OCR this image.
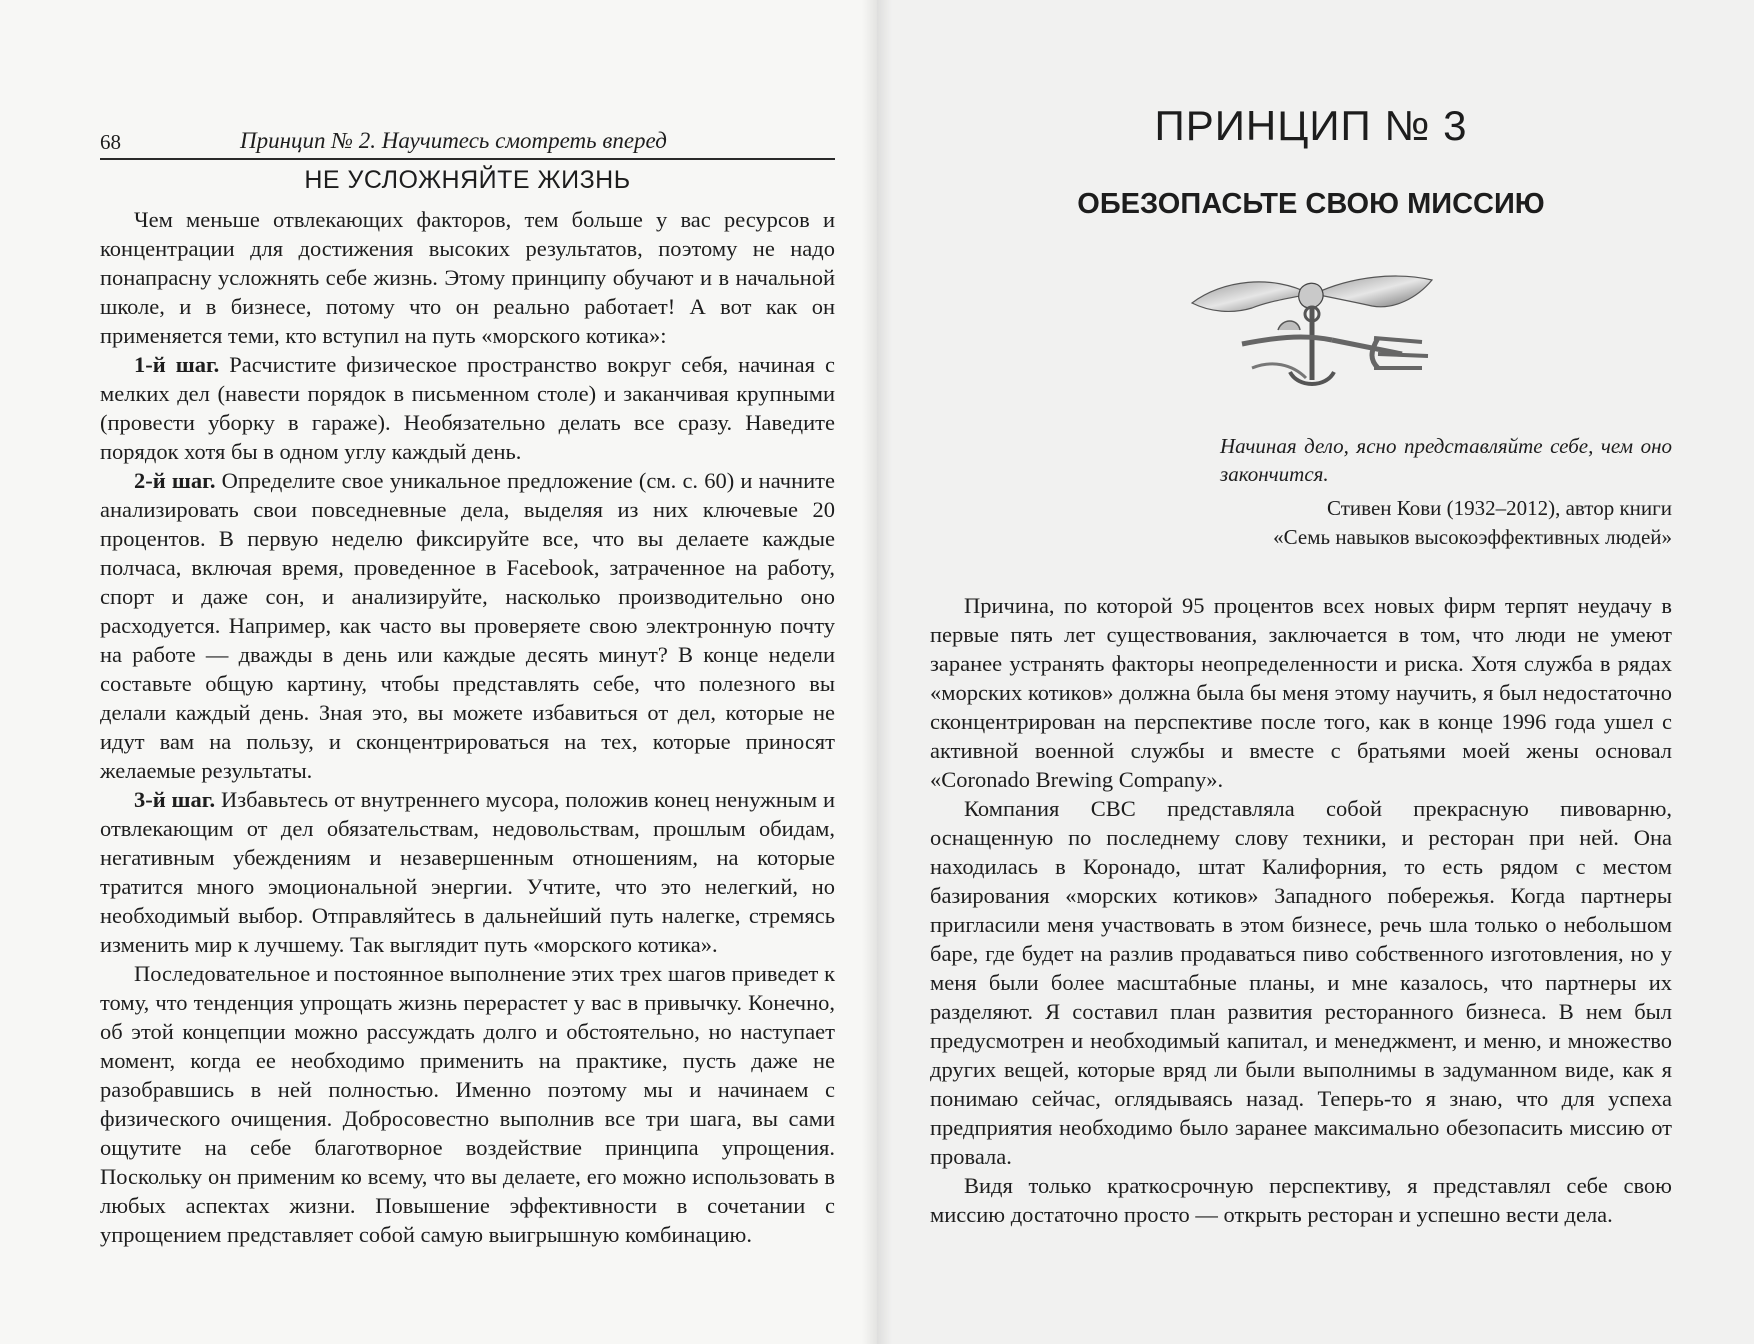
68	Принцип № 2. Научитесь смотреть вперед
НЕ УСЛОЖНЯЙТЕ ЖИЗНЬ

Чем меньше отвлекающих факторов, тем больше у вас ресурсов и концентрации для достижения высоких результатов, поэтому не надо понапрасну усложнять себе жизнь. Этому принципу обучают и в начальной школе, и в бизнесе, потому что он реально работает! А вот как он применяется теми, кто вступил на путь «морского котика»:

1-й шаг. Расчистите физическое пространство вокруг себя, начиная с мелких дел (навести порядок в письменном столе) и заканчивая крупными (провести уборку в гараже). Необязательно делать все сразу. Наведите порядок хотя бы в одном углу каждый день.

2-й шаг. Определите свое уникальное предложение (см. с. 60) и начните анализировать свои повседневные дела, выделяя из них ключевые 20 процентов. В первую неделю фиксируйте все, что вы делаете каждые полчаса, включая время, проведенное в Facebook, затраченное на работу, спорт и даже сон, и анализируйте, насколько производительно оно расходуется. Например, как часто вы проверяете свою электронную почту на работе — дважды в день или каждые десять минут? В конце недели составьте общую картину, чтобы представлять себе, что полезного вы делали каждый день. Зная это, вы можете избавиться от дел, которые не идут вам на пользу, и сконцентрироваться на тех, которые приносят желаемые результаты.

3-й шаг. Избавьтесь от внутреннего мусора, положив конец ненужным и отвлекающим от дел обязательствам, недовольствам, прошлым обидам, негативным убеждениям и незавершенным отношениям, на которые тратится много эмоциональной энергии. Учтите, что это нелегкий, но необходимый выбор. Отправляйтесь в дальнейший путь налегке, стремясь изменить мир к лучшему. Так выглядит путь «морского котика».

Последовательное и постоянное выполнение этих трех шагов приведет к тому, что тенденция упрощать жизнь перерастет у вас в привычку. Конечно, об этой концепции можно рассуждать долго и обстоятельно, но наступает момент, когда ее необходимо применить на практике, пусть даже не разобравшись в ней полностью. Именно поэтому мы и начинаем с физического очищения. Добросовестно выполнив все три шага, вы сами ощутите на себе благотворное воздействие принципа упрощения. Поскольку он применим ко всему, что вы делаете, его можно использовать в любых аспектах жизни. Повышение эффективности в сочетании с упрощением представляет собой самую выигрышную комбинацию.

ПРИНЦИП № 3
ОБЕЗОПАСЬТЕ СВОЮ МИССИЮ
Начиная дело, ясно представляйте себе, чем оно закончится.
Стивен Кови (1932–2012), автор книги
«Семь навыков высокоэффективных людей»

Причина, по которой 95 процентов всех новых фирм терпят неудачу в первые пять лет существования, заключается в том, что люди не умеют заранее устранять факторы неопределенности и риска. Хотя служба в рядах «морских котиков» должна была бы меня этому научить, я был недостаточно сконцентрирован на перспективе после того, как в конце 1996 года ушел с активной военной службы и вместе с братьями моей жены основал «Coronado Brewing Company».

Компания CBC представляла собой прекрасную пивоварню, оснащенную по последнему слову техники, и ресторан при ней. Она находилась в Коронадо, штат Калифорния, то есть рядом с местом базирования «морских котиков» Западного побережья. Когда партнеры пригласили меня участвовать в этом бизнесе, речь шла только о небольшом баре, где будет на разлив продаваться пиво собственного изготовления, но у меня были более масштабные планы, и мне казалось, что партнеры их разделяют. Я составил план развития ресторанного бизнеса. В нем был предусмотрен и необходимый капитал, и менеджмент, и меню, и множество других вещей, которые вряд ли были выполнимы в задуманном виде, как я понимаю сейчас, оглядываясь назад. Теперь-то я знаю, что для успеха предприятия необходимо было заранее максимально обезопасить миссию от провала.

Видя только краткосрочную перспективу, я представлял себе свою миссию достаточно просто — открыть ресторан и успешно вести дела.
